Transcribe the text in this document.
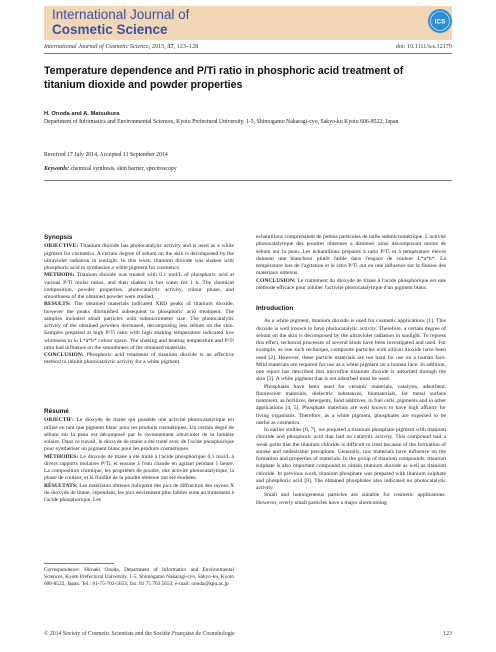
International Journal of
Cosmetic Science	ICS
International Journal of Cosmetic Science, 2015, 37, 123–128	doi: 10.1111/ics.12179
Temperature dependence and P/Ti ratio in phosphoric acid treatment of titanium dioxide and powder properties
H. Onoda and A. Matsukura
Department of Informatics and Environmental Sciences, Kyoto Prefectural University, 1-5, Shimogamo Nakaragi-cyo, Sakyo-ku Kyoto 606-8522, Japan
Received 17 July 2014, Accepted 11 September 2014
Keywords: chemical synthesis, skin barrier, spectroscopy
Synopsis

OBJECTIVE: Titanium dioxide has photocatalytic activity and is used as a white pigment for cosmetics. A certain degree of sebum on the skin is decomposed by the ultraviolet radiation in sunlight. In this work, titanium dioxide was shaken with phosphoric acid to synthesize a white pigment for cosmetics.

METHODS: Titanium dioxide was treated with 0.1 mol/L of phosphoric acid at various P/Ti molar ratios, and then shaken in hot water for 1 h. The chemical composition, powder properties, photocatalytic activity, colour phase, and smoothness of the obtained powder were studied.

RESULTS: The obtained materials indicated XRD peaks of titanium dioxide, however the peaks diminished subsequent to phosphoric acid treatment. The samples included small particles with submicrometer size. The photocatalytic activity of the obtained powders decreased, decomposing less sebum on the skin. Samples prepared at high P/Ti ratio with high shaking temperature indicated low whiteness in in L*a*b* colour space. The shaking and heating temperature and P/Ti ratio had influence on the smoothness of the obtained materials.

CONCLUSION: Phosphoric acid treatment of titanium dioxide is an effective method to inhibit photocatalytic activity for a white pigment.

Résumé

OBJECTIF: Le dioxyde de titane qui possède une activité photocatalytique est utilisé en tant que pigment blanc pour les produits cosmétiques. Un certain degré de sébum sur la peau est décomposé par le rayonnement ultraviolet de la lumière solaire. Dans ce travail, le dioxyde de titane a été traité avec de l'acide phosphorique pour synthétiser un pigment blanc pour les produits cosmétiques.

MÉTHODES: Le dioxyde de titane a été traité à l'acide phosphorique 0,1 mol/L à divers rapports molaires P/Ti, et ensuite à l'eau chaude en agitant pendant 1 heure. La composition chimique, les propriétés de poudre, une activité photocatalytique, la phase de couleur, et la fluidité de la poudre obtenue ont été étudiées.

RÉSULTATS: Les matériaux obtenus indiquent des pics de diffraction des rayons X du dioxyde de titane, cependant, les pics deviennent plus faibles suite au traitement à l'acide phosphorique. Les

Correspondence: Hiroaki Onoda, Department of Informatics and Environmental Sciences, Kyoto Prefectural University, 1-5, Shimogamo Nakaragi-cyo, Sakyo-ku, Kyoto 606-8522, Japan. Tel.: 81-75-703-5653; fax: 81 75 703 5653; e-mail: onoda@kpu.ac.jp

échantillons comprenaient de petites particules de taille submicrométrique. L'activité photocatalytique des poudres obtenues a diminué, ainsi décomposant moins de sébum sur la peau. Les échantillons préparés à ratio P/Ti et à température élevés donnent une blancheur plutôt faible dans l'espace de couleur L*a*b*. La température lors de l'agitation et le ratio P/Ti ont eu une influence sur la finesse des matériaux obtenus.

CONCLUSION: Le traitement du dioxyde de titane à l'acide phosphorique est une méthode efficace pour inhiber l'activité photocatalytique d'un pigment blanc.

Introduction

As a white pigment, titanium dioxide is used for cosmetic applications [1]. This dioxide is well known to have photocatalytic activity. Therefore, a certain degree of sebum on the skin is decomposed by the ultraviolet radiation in sunlight. To repress this effect, technical processes of several kinds have been investigated and used. For example, as one such technique, composite particles with silicon dioxide have been used [2]. However, these particle materials are too hard for use on a human face. Mild materials are required for use as a white pigment on a human face. In addition, one report has described that microfine titanium dioxide is adsorbed through the skin [3]. A white pigment that is not adsorbed must be used.

Phosphates have been used for ceramic materials, catalysts, adsorbent, fluorescent materials, dielectric substances, biomaterials, for metal surface treatment, as fertilizer, detergents, food additives, in fuel cells, pigments and in other applications [4, 5]. Phosphate materials are well known to have high affinity for living organisms. Therefore, as a white pigment, phosphates are expected to be useful as cosmetics.

In earlier studies [6, 7], we prepared a titanium phosphate pigment with titanium chloride and phosphoric acid that had no catalytic activity. This compound had a weak point that the titanium chloride is difficult to treat because of the formation of smoke and undesirable precipitate. Generally, raw materials have influence on the formation and properties of materials. In the group of titanium compounds, titanium sulphate is also important compound to obtain titanium dioxide as well as titanium chloride. In previous work, titanium phosphate was prepared with titanium sulphate and phosphoric acid [8]. The obtained phosphates also indicated no photocatalytic activity.

Small and homogeneous particles are suitable for cosmetic applications. However, overly small particles have a major shortcoming

© 2014 Society of Cosmetic Scientists and the Société Française de Cosmétologie	123
